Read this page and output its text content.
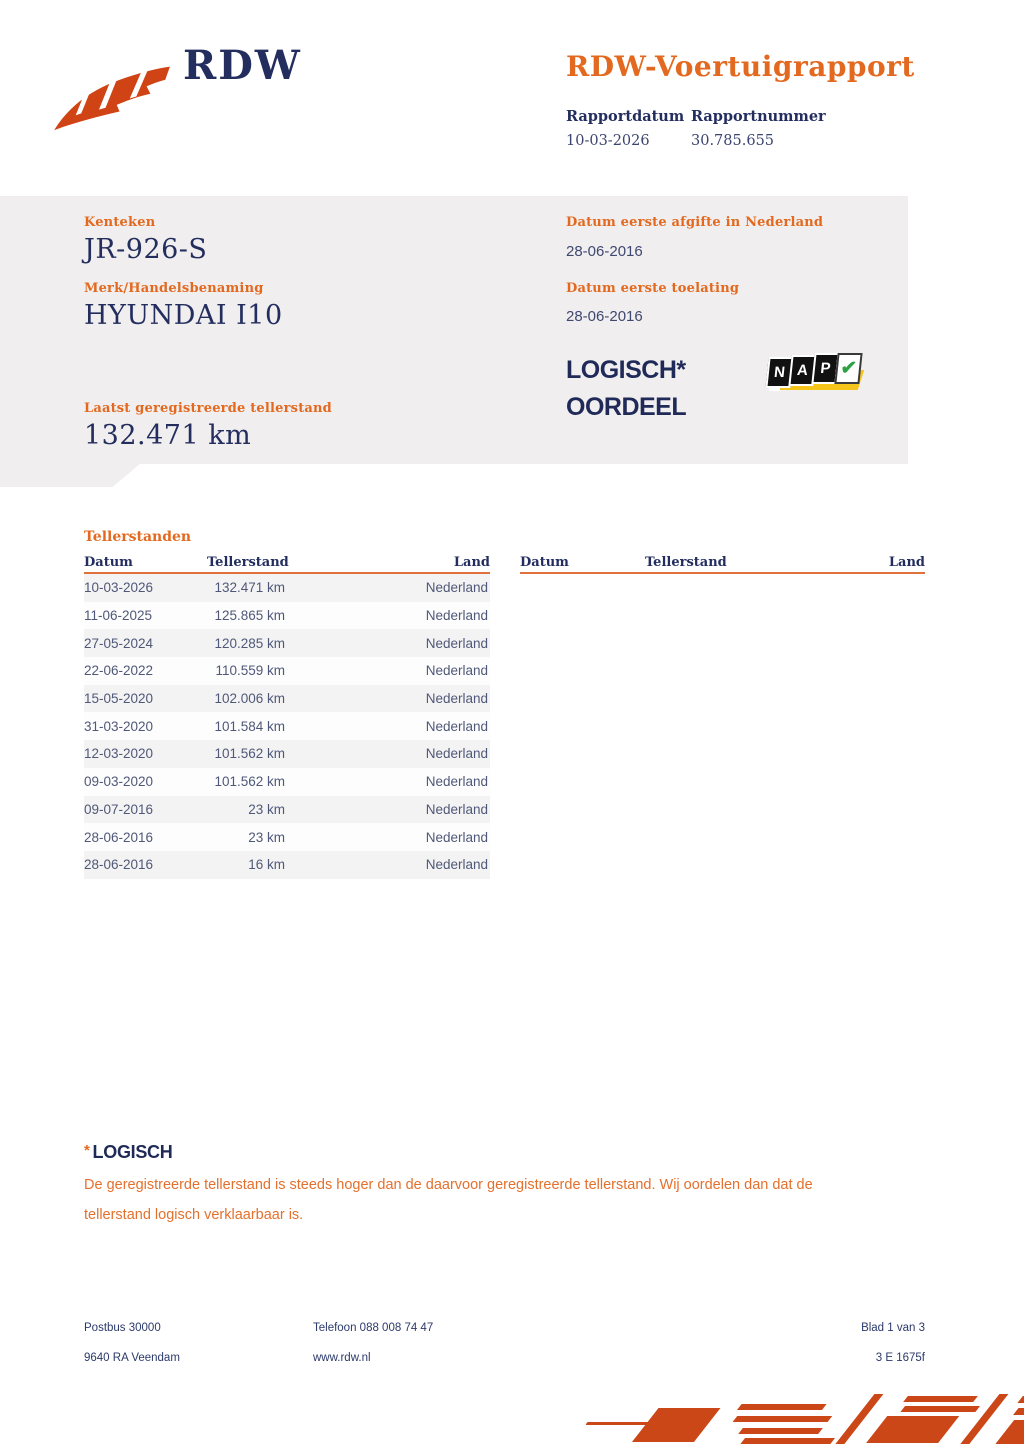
RDW	RDW-Voertuigrapport
Rapportdatum Rapportnummer
10-03-2026	30.785.655
Kenteken
JR-926-S
Merk/Handelsbenaming
HYUNDAI I10
Laatst geregistreerde tellerstand
132.471 km
Datum eerste afgifte in Nederland
28-06-2016
Datum eerste toelating
28-06-2016
LOGISCH*
OORDEEL
N A P
✔
Tellerstanden
Datum	Tellerstand	Land
10-03-2026	132.471 km	Nederland
11-06-2025	125.865 km	Nederland
27-05-2024	120.285 km	Nederland
22-06-2022	110.559 km	Nederland
15-05-2020	102.006 km	Nederland
31-03-2020	101.584 km	Nederland
12-03-2020	101.562 km	Nederland
09-03-2020	101.562 km	Nederland
09-07-2016	23 km	Nederland
28-06-2016	23 km	Nederland
28-06-2016	16 km	Nederland
Datum	Tellerstand	Land
* LOGISCH
De geregistreerde tellerstand is steeds hoger dan de daarvoor geregistreerde tellerstand. Wij oordelen dan dat de tellerstand logisch verklaarbaar is.
Postbus 30000
9640 RA Veendam
Telefoon 088 008 74 47
www.rdw.nl
Blad 1 van 3
3 E 1675f
